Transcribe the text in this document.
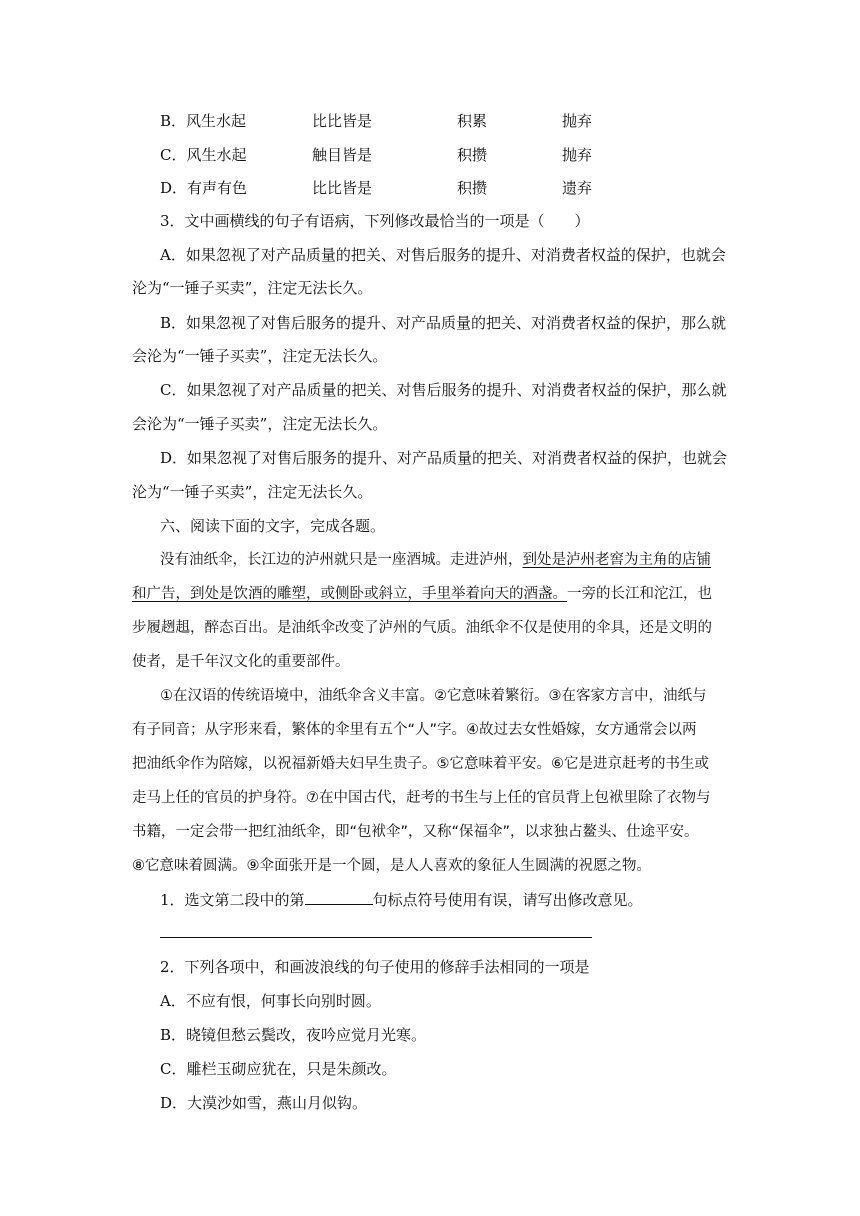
B．风生水起	比比皆是	积累	抛弃
C．风生水起	触目皆是	积攒	抛弃
D．有声有色	比比皆是	积攒	遗弃
3．文中画横线的句子有语病，下列修改最恰当的一项是（　　）
A．如果忽视了对产品质量的把关、对售后服务的提升、对消费者权益的保护，也就会
沦为“一锤子买卖”，注定无法长久。
B．如果忽视了对售后服务的提升、对产品质量的把关、对消费者权益的保护，那么就
会沦为“一锤子买卖”，注定无法长久。
C．如果忽视了对产品质量的把关、对售后服务的提升、对消费者权益的保护，那么就
会沦为“一锤子买卖”，注定无法长久。
D．如果忽视了对售后服务的提升、对产品质量的把关、对消费者权益的保护，也就会
沦为“一锤子买卖”，注定无法长久。
六、阅读下面的文字，完成各题。
没有油纸伞，长江边的泸州就只是一座酒城。走进泸州，到处是泸州老窖为主角的店铺
和广告，到处是饮酒的雕塑，或侧卧或斜立，手里举着向天的酒盏。一旁的长江和沱江，也
步履趔趄，醉态百出。是油纸伞改变了泸州的气质。油纸伞不仅是使用的伞具，还是文明的
使者，是千年汉文化的重要部件。
①在汉语的传统语境中，油纸伞含义丰富。②它意味着繁衍。③在客家方言中，油纸与
有子同音；从字形来看，繁体的伞里有五个“人”字。④故过去女性婚嫁，女方通常会以两
把油纸伞作为陪嫁，以祝福新婚夫妇早生贵子。⑤它意味着平安。⑥它是进京赶考的书生或
走马上任的官员的护身符。⑦在中国古代，赶考的书生与上任的官员背上包袱里除了衣物与
书籍，一定会带一把红油纸伞，即“包袱伞”，又称“保福伞”，以求独占鳌头、仕途平安。
⑧它意味着圆满。⑨伞面张开是一个圆，是人人喜欢的象征人生圆满的祝愿之物。
1．选文第二段中的第	句标点符号使用有误，请写出修改意见。
2．下列各项中，和画波浪线的句子使用的修辞手法相同的一项是
A．不应有恨，何事长向别时圆。
B．晓镜但愁云鬓改，夜吟应觉月光寒。
C．雕栏玉砌应犹在，只是朱颜改。
D．大漠沙如雪，燕山月似钩。
